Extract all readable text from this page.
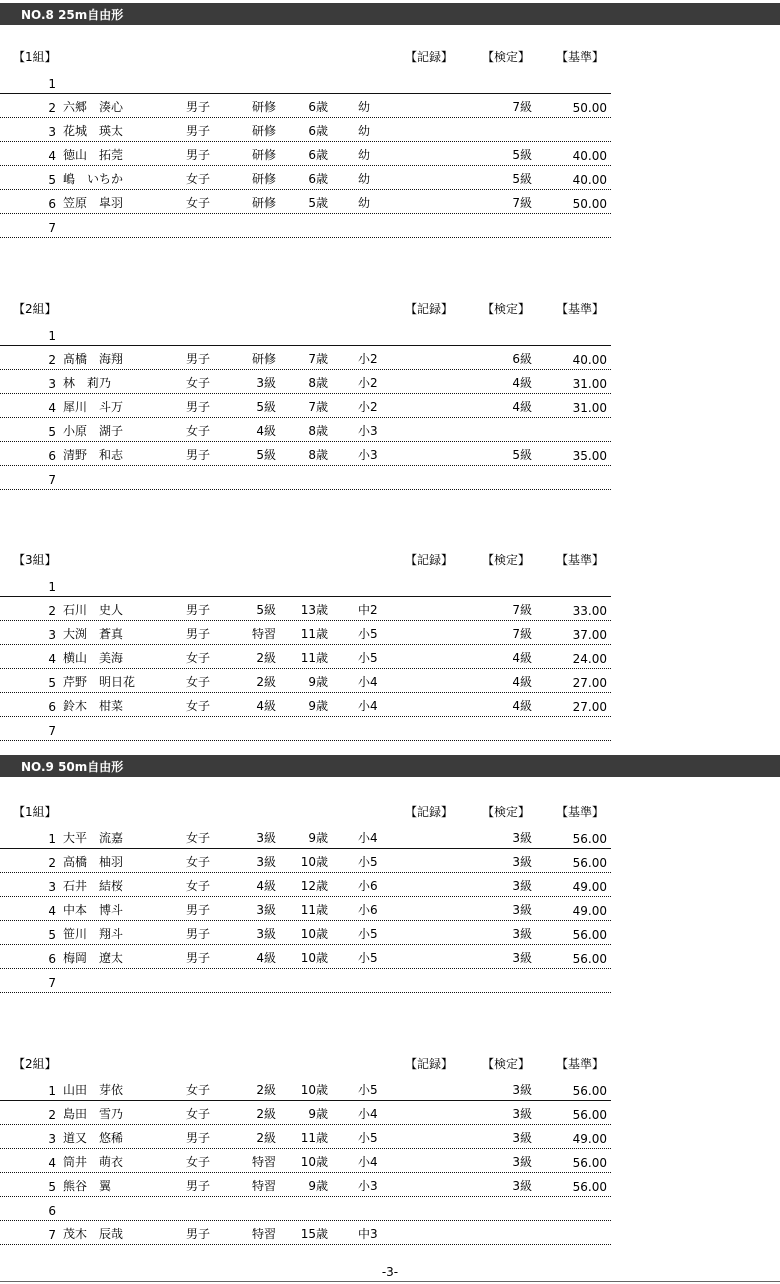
NO.8 25m自由形
【1組】	【記録】 【検定】 【基準】
1
2 六郷　湊心	男子	研修	6歳	幼	7級	50.00
3 花城　瑛太	男子	研修	6歳	幼
4 徳山　拓莞	男子	研修	6歳	幼	5級	40.00
5 嶋　いちか	女子	研修	6歳	幼	5級	40.00
6 笠原　皐羽	女子	研修	5歳	幼	7級	50.00
7
【2組】	【記録】 【検定】 【基準】
1
2 髙橋　海翔	男子	研修	7歳	小2	6級	40.00
3 林　莉乃	女子	3級	8歳	小2	4級	31.00
4 犀川　斗万	男子	5級	7歳	小2	4級	31.00
5 小原　湖子	女子	4級	8歳	小3
6 清野　和志	男子	5級	8歳	小3	5級	35.00
7
【3組】	【記録】 【検定】 【基準】
1
2 石川　史人	男子	5級	13歳	中2	7級	33.00
3 大渕　蒼真	男子	特習	11歳	小5	7級	37.00
4 横山　美海	女子	2級	11歳	小5	4級	24.00
5 芹野　明日花	女子	2級	9歳	小4	4級	27.00
6 鈴木　柑菜	女子	4級	9歳	小4	4級	27.00
7
NO.9 50m自由形
【1組】	【記録】 【検定】 【基準】
1 大平　流嘉	女子	3級	9歳	小4	3級	56.00
2 高橋　柚羽	女子	3級	10歳	小5	3級	56.00
3 石井　結桜	女子	4級	12歳	小6	3級	49.00
4 中本　博斗	男子	3級	11歳	小6	3級	49.00
5 笹川　翔斗	男子	3級	10歳	小5	3級	56.00
6 梅岡　遼太	男子	4級	10歳	小5	3級	56.00
7
【2組】	【記録】 【検定】 【基準】
1 山田　芽依	女子	2級	10歳	小5	3級	56.00
2 島田　雪乃	女子	2級	9歳	小4	3級	56.00
3 道又　悠稀	男子	2級	11歳	小5	3級	49.00
4 筒井　萌衣	女子	特習	10歳	小4	3級	56.00
5 熊谷　翼	男子	特習	9歳	小3	3級	56.00
6
7 茂木　辰哉	男子	特習	15歳	中3
-3-
